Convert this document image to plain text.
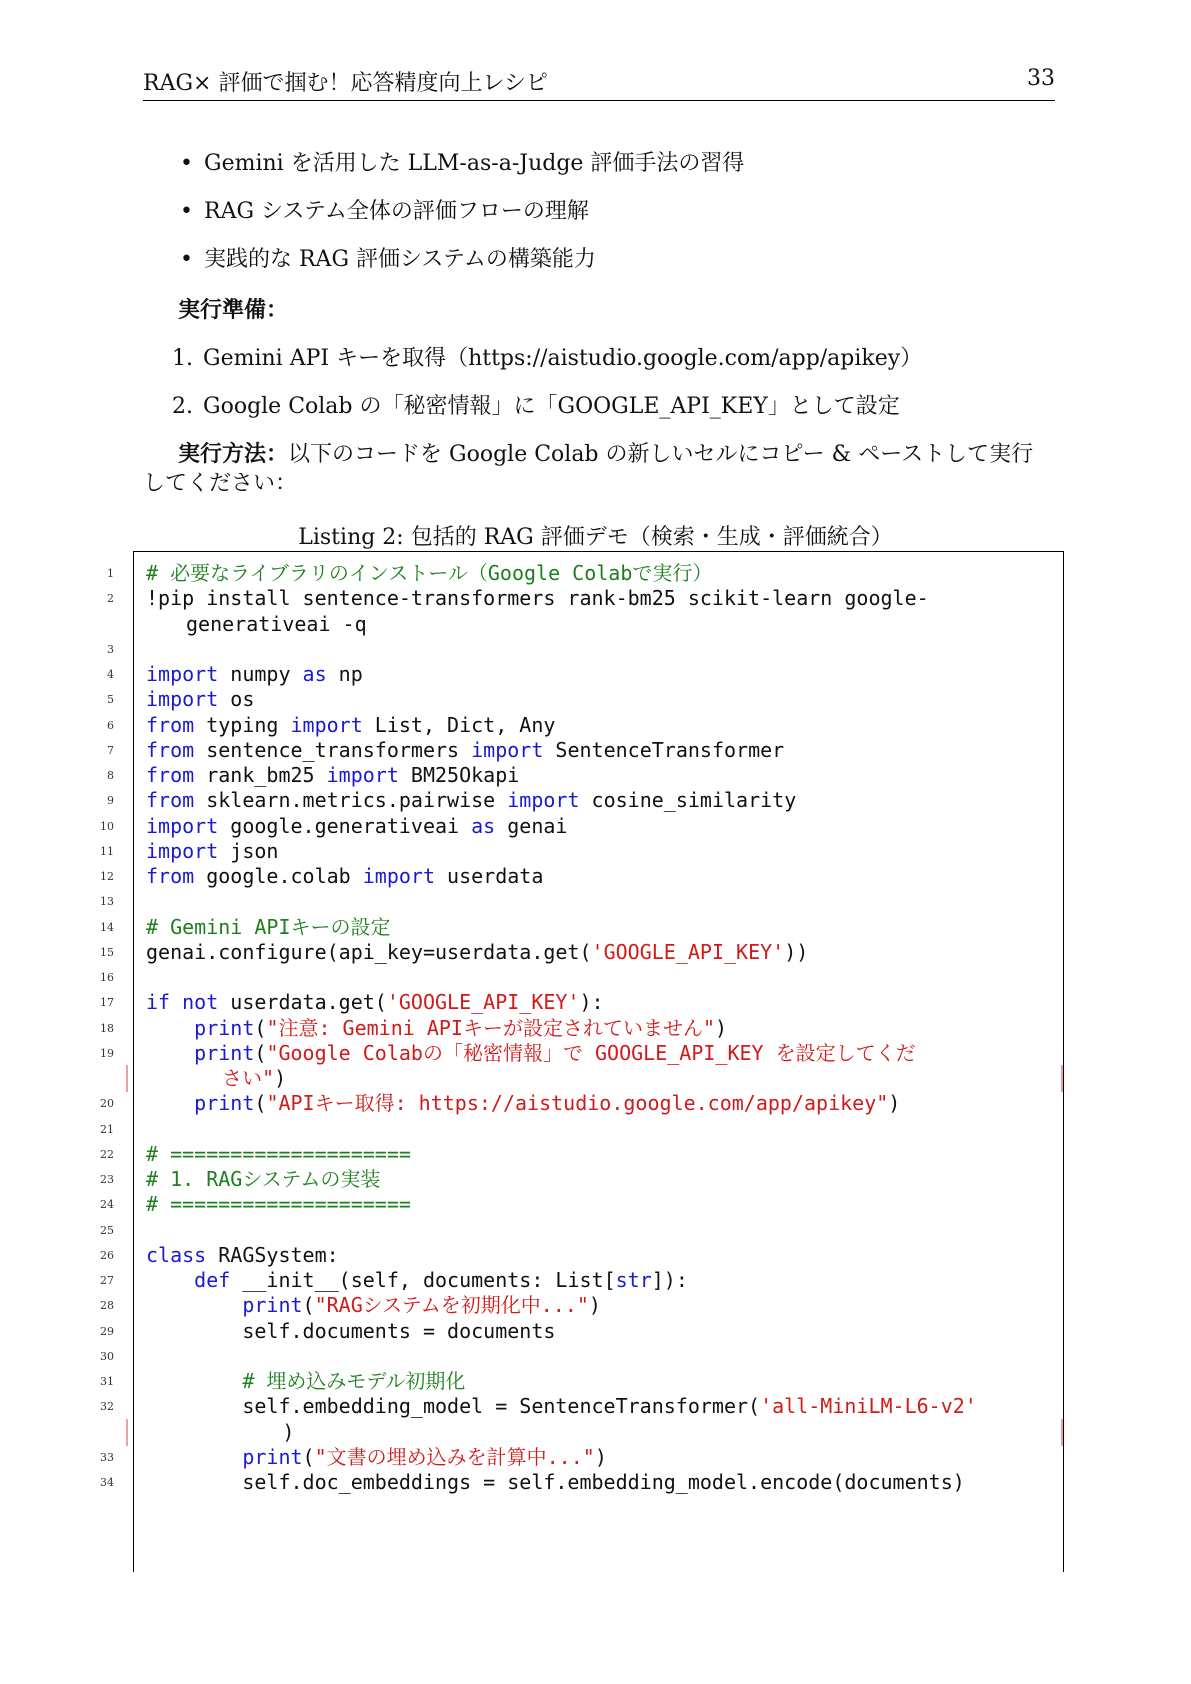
RAG× 評価で掴む！応答精度向上レシピ	33
• Gemini を活用した LLM-as-a-Judge 評価手法の習得
• RAG システム全体の評価フローの理解
• 実践的な RAG 評価システムの構築能力
実行準備：
1. Gemini API キーを取得（https://aistudio.google.com/app/apikey）
2. Google Colab の「秘密情報」に「GOOGLE_API_KEY」として設定
実行方法：以下のコードを Google Colab の新しいセルにコピー & ペーストして実行してください：
Listing 2: 包括的 RAG 評価デモ（検索・生成・評価統合）
1 # 必要なライブラリのインストール（Google Colabで実行）
2 !pip install sentence-transformers rank-bm25 scikit-learn google-
generativeai -q
3
4 import numpy as np
5 import os
6 from typing import List, Dict, Any
7 from sentence_transformers import SentenceTransformer
8 from rank_bm25 import BM25Okapi
9 from sklearn.metrics.pairwise import cosine_similarity
10 import google.generativeai as genai
11 import json
12 from google.colab import userdata
13
14 # Gemini APIキーの設定
15 genai.configure(api_key=userdata.get('GOOGLE_API_KEY'))
16
17 if not userdata.get('GOOGLE_API_KEY'):
18	print("注意: Gemini APIキーが設定されていません")
19	print("Google Colabの「秘密情報」で GOOGLE_API_KEY を設定してくだ
さい")
20	print("APIキー取得: https://aistudio.google.com/app/apikey")
21
22 # ====================
23 # 1. RAGシステムの実装
24 # ====================
25
26 class RAGSystem:
27	def __init__(self, documents: List[str]):
28	print("RAGシステムを初期化中...")
29 self.documents = documents
30
31	# 埋め込みモデル初期化
32 self.embedding_model = SentenceTransformer('all-MiniLM-L6-v2'
)
33	print("文書の埋め込みを計算中...")
34 self.doc_embeddings = self.embedding_model.encode(documents)
